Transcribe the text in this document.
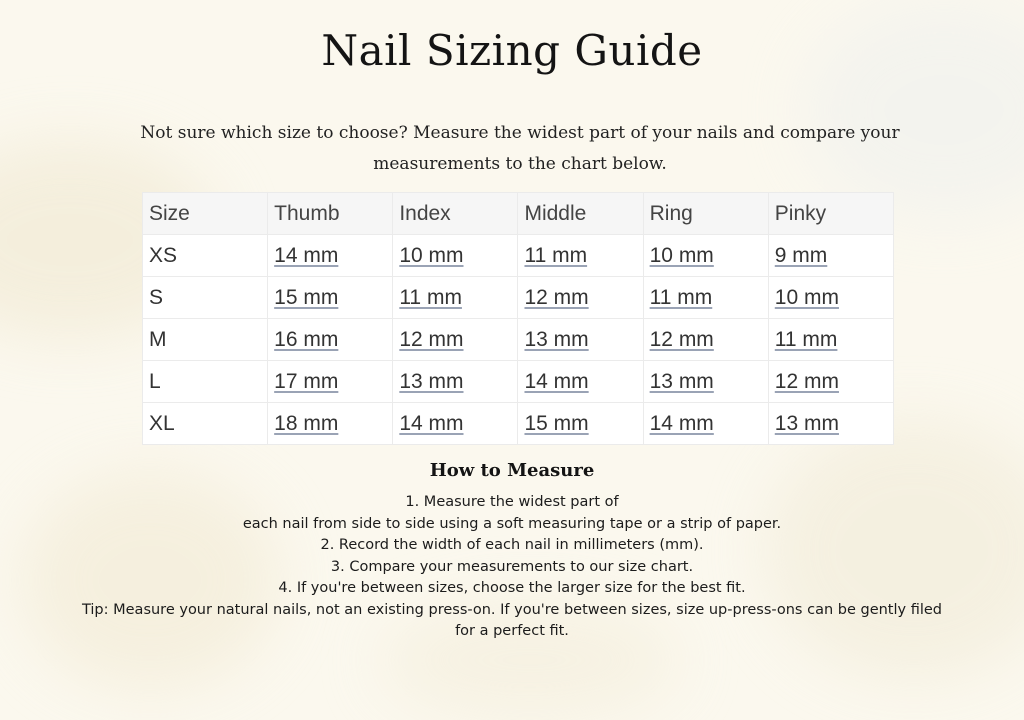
Nail Sizing Guide
Not sure which size to choose? Measure the widest part of your nails and compare your measurements to the chart below.
Size	Thumb	Index	Middle	Ring	Pinky
XS	14 mm	10 mm	11 mm	10 mm	9 mm
S	15 mm	11 mm	12 mm	11 mm	10 mm
M	16 mm	12 mm	13 mm	12 mm	11 mm
L	17 mm	13 mm	14 mm	13 mm	12 mm
XL	18 mm	14 mm	15 mm	14 mm	13 mm
How to Measure
1. Measure the widest part of
each nail from side to side using a soft measuring tape or a strip of paper.
2. Record the width of each nail in millimeters (mm).
3. Compare your measurements to our size chart.
4. If you're between sizes, choose the larger size for the best fit.
Tip: Measure your natural nails, not an existing press-on. If you're between sizes, size up-press-ons can be gently filed for a perfect fit.
